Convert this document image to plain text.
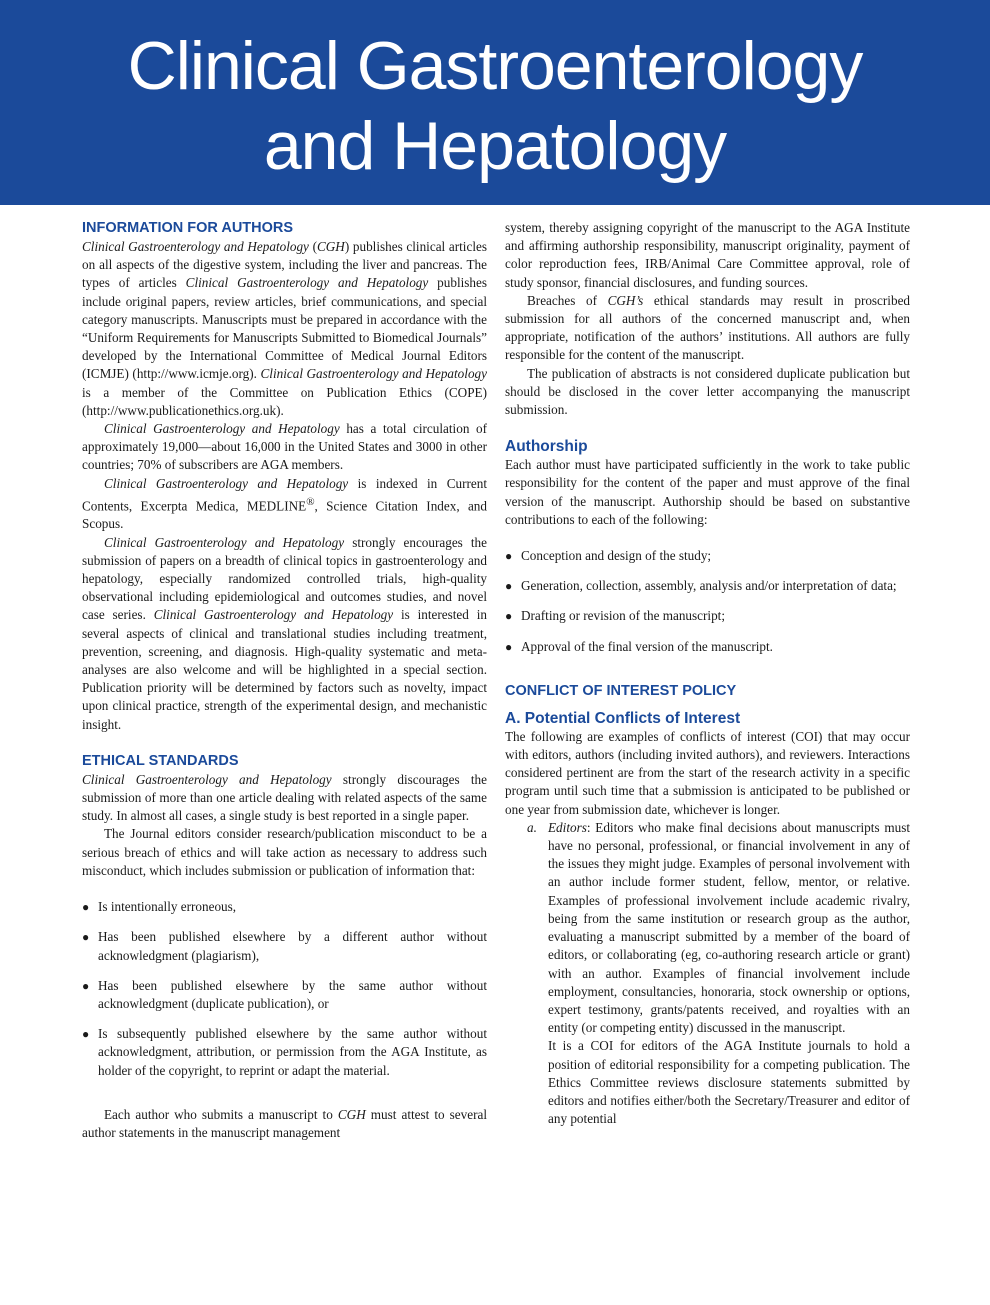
Clinical Gastroenterology
and Hepatology
INFORMATION FOR AUTHORS

Clinical Gastroenterology and Hepatology (CGH) publishes clinical articles on all aspects of the digestive system, including the liver and pancreas. The types of articles Clinical Gastroenterology and Hepatology publishes include original papers, review articles, brief communications, and special category manuscripts. Manuscripts must be prepared in accordance with the “Uniform Requirements for Manuscripts Submitted to Biomedical Journals” developed by the International Committee of Medical Journal Editors (ICMJE) (http://www.icmje.org). Clinical Gastroenterology and Hepatology is a member of the Committee on Publication Ethics (COPE) (http://www.publicationethics.org.uk).

Clinical Gastroenterology and Hepatology has a total circulation of approximately 19,000—about 16,000 in the United States and 3000 in other countries; 70% of subscribers are AGA members.

Clinical Gastroenterology and Hepatology is indexed in Current Contents, Excerpta Medica, MEDLINE®, Science Citation Index, and Scopus.

Clinical Gastroenterology and Hepatology strongly encourages the submission of papers on a breadth of clinical topics in gastroenterology and hepatology, especially randomized controlled trials, high-quality observational including epidemiological and outcomes studies, and novel case series. Clinical Gastroenterology and Hepatology is interested in several aspects of clinical and translational studies including treatment, prevention, screening, and diagnosis. High-quality systematic and meta-analyses are also welcome and will be highlighted in a special section. Publication priority will be determined by factors such as novelty, impact upon clinical practice, strength of the experimental design, and mechanistic insight.

ETHICAL STANDARDS

Clinical Gastroenterology and Hepatology strongly discourages the submission of more than one article dealing with related aspects of the same study. In almost all cases, a single study is best reported in a single paper.

The Journal editors consider research/publication misconduct to be a serious breach of ethics and will take action as necessary to address such misconduct, which includes submission or publication of information that:

● Is intentionally erroneous,
● Has been published elsewhere by a different author without acknowledgment (plagiarism),
● Has been published elsewhere by the same author without acknowledgment (duplicate publication), or
● Is subsequently published elsewhere by the same author without acknowledgment, attribution, or permission from the AGA Institute, as holder of the copyright, to reprint or adapt the material.

Each author who submits a manuscript to CGH must attest to several author statements in the manuscript management

system, thereby assigning copyright of the manuscript to the AGA Institute and affirming authorship responsibility, manuscript originality, payment of color reproduction fees, IRB/Animal Care Committee approval, role of study sponsor, financial disclosures, and funding sources.

Breaches of CGH’s ethical standards may result in proscribed submission for all authors of the concerned manuscript and, when appropriate, notification of the authors’ institutions. All authors are fully responsible for the content of the manuscript.

The publication of abstracts is not considered duplicate publication but should be disclosed in the cover letter accompanying the manuscript submission.

Authorship

Each author must have participated sufficiently in the work to take public responsibility for the content of the paper and must approve of the final version of the manuscript. Authorship should be based on substantive contributions to each of the following:

● Conception and design of the study;
● Generation, collection, assembly, analysis and/or interpretation of data;
● Drafting or revision of the manuscript;
● Approval of the final version of the manuscript.
CONFLICT OF INTEREST POLICY
A. Potential Conflicts of Interest

The following are examples of conflicts of interest (COI) that may occur with editors, authors (including invited authors), and reviewers. Interactions considered pertinent are from the start of the research activity in a specific program until such time that a submission is anticipated to be published or one year from submission date, whichever is longer.

a. Editors: Editors who make final decisions about manuscripts must have no personal, professional, or financial involvement in any of the issues they might judge. Examples of personal involvement with an author include former student, fellow, mentor, or relative. Examples of professional involvement include academic rivalry, being from the same institution or research group as the author, evaluating a manuscript submitted by a member of the board of editors, or collaborating (eg, co-authoring research article or grant) with an author. Examples of financial involvement include employment, consultancies, honoraria, stock ownership or options, expert testimony, grants/patents received, and royalties with an entity (or competing entity) discussed in the manuscript.

It is a COI for editors of the AGA Institute journals to hold a position of editorial responsibility for a competing publication. The Ethics Committee reviews disclosure statements submitted by editors and notifies either/both the Secretary/Treasurer and editor of any potential
